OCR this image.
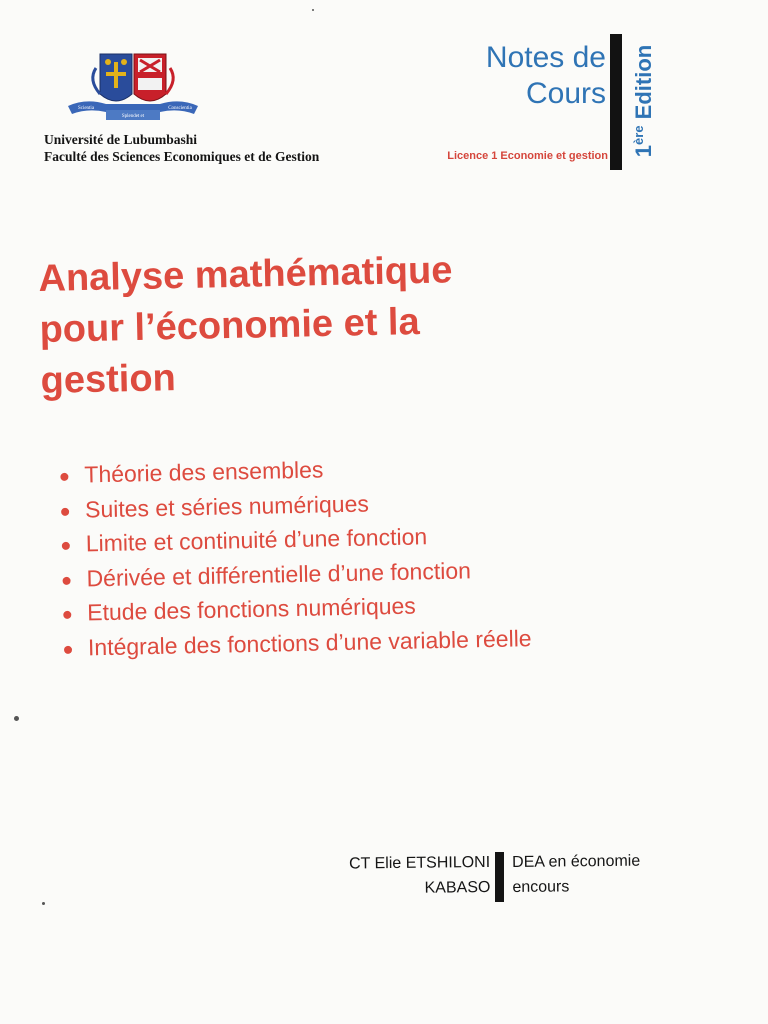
Scientia	Conscientia
Splendet et
Université de Lubumbashi
Faculté des Sciences Economiques et de Gestion
Notes de
Cours
1ère Edition
Licence 1 Economie et gestion
Analyse mathématique
pour l’économie et la
gestion
Théorie des ensembles
Suites et séries numériques
Limite et continuité d’une fonction
Dérivée et différentielle d’une fonction
Etude des fonctions numériques
Intégrale des fonctions d’une variable réelle
CT Elie ETSHILONI
KABASO
DEA en économie
encours
